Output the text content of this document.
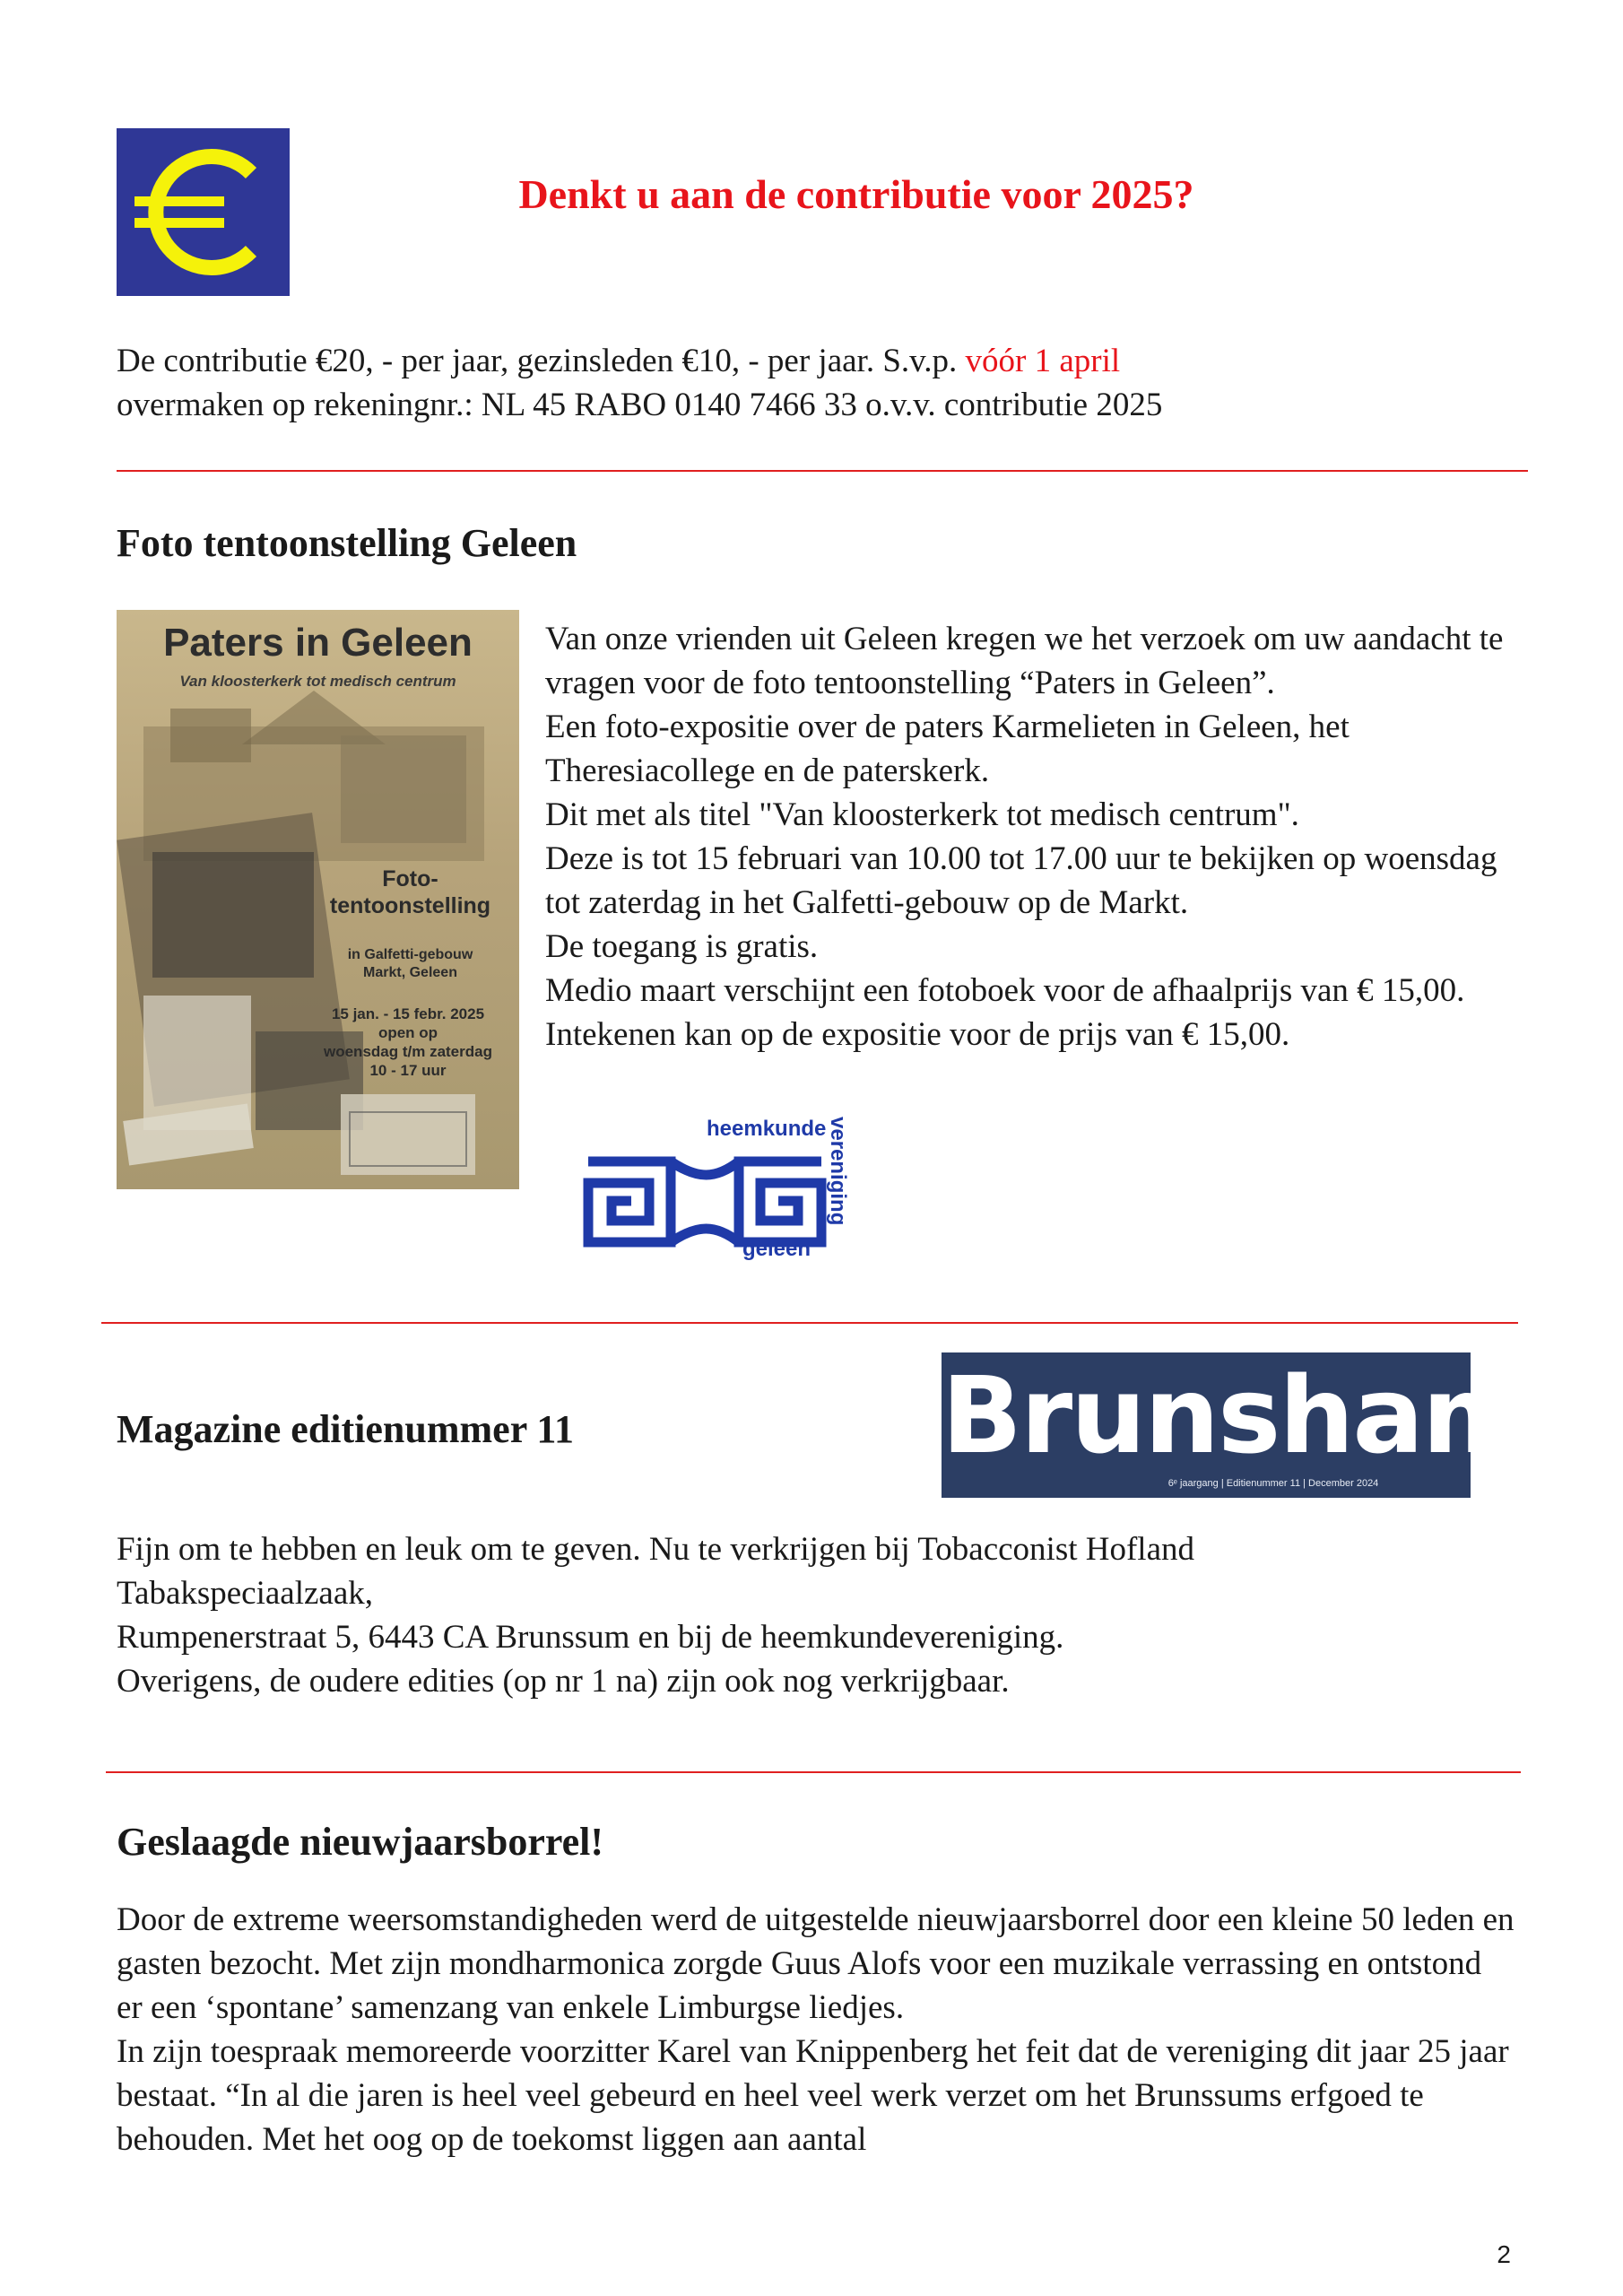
Denkt u aan de contributie voor 2025?

De contributie €20, - per jaar, gezinsleden €10, - per jaar. S.v.p. vóór 1 april

overmaken op rekeningnr.: NL 45 RABO 0140 7466 33 o.v.v. contributie 2025

Foto tentoonstelling Geleen
Paters in Geleen
Van kloosterkerk tot medisch centrum
Foto-
tentoonstelling
in Galfetti-gebouw
Markt, Geleen
15 jan. - 15 febr. 2025
open op
woensdag t/m zaterdag
10 - 17 uur

Van onze vrienden uit Geleen kregen we het verzoek om uw aandacht te vragen voor de foto tentoonstelling “Paters in Geleen”.

Een foto-expositie over de paters Karmelieten in Geleen, het Theresiacollege en de paterskerk.

Dit met als titel "Van kloosterkerk tot medisch centrum".

Deze is tot 15 februari van 10.00 tot 17.00 uur te bekijken op woensdag tot zaterdag in het Galfetti-gebouw op de Markt.

De toegang is gratis.

Medio maart verschijnt een fotoboek voor de afhaalprijs van € 15,00. Intekenen kan op de expositie voor de prijs van € 15,00.

heemkunde vereniging
geleen
Magazine editienummer 11	Brunsham
6ᵉ jaargang | Editienummer 11 | December 2024

Fijn om te hebben en leuk om te geven. Nu te verkrijgen bij Tobacconist Hofland Tabakspeciaalzaak,

Rumpenerstraat 5, 6443 CA Brunssum en bij de heemkundevereniging.

Overigens, de oudere edities (op nr 1 na) zijn ook nog verkrijgbaar.

Geslaagde nieuwjaarsborrel!

Door de extreme weersomstandigheden werd de uitgestelde nieuwjaarsborrel door een kleine 50 leden en gasten bezocht. Met zijn mondharmonica zorgde Guus Alofs voor een muzikale verrassing en ontstond er een ‘spontane’ samenzang van enkele Limburgse liedjes.

In zijn toespraak memoreerde voorzitter Karel van Knippenberg het feit dat de vereniging dit jaar 25 jaar bestaat. “In al die jaren is heel veel gebeurd en heel veel werk verzet om het Brunssums erfgoed te behouden. Met het oog op de toekomst liggen aan aantal

2
